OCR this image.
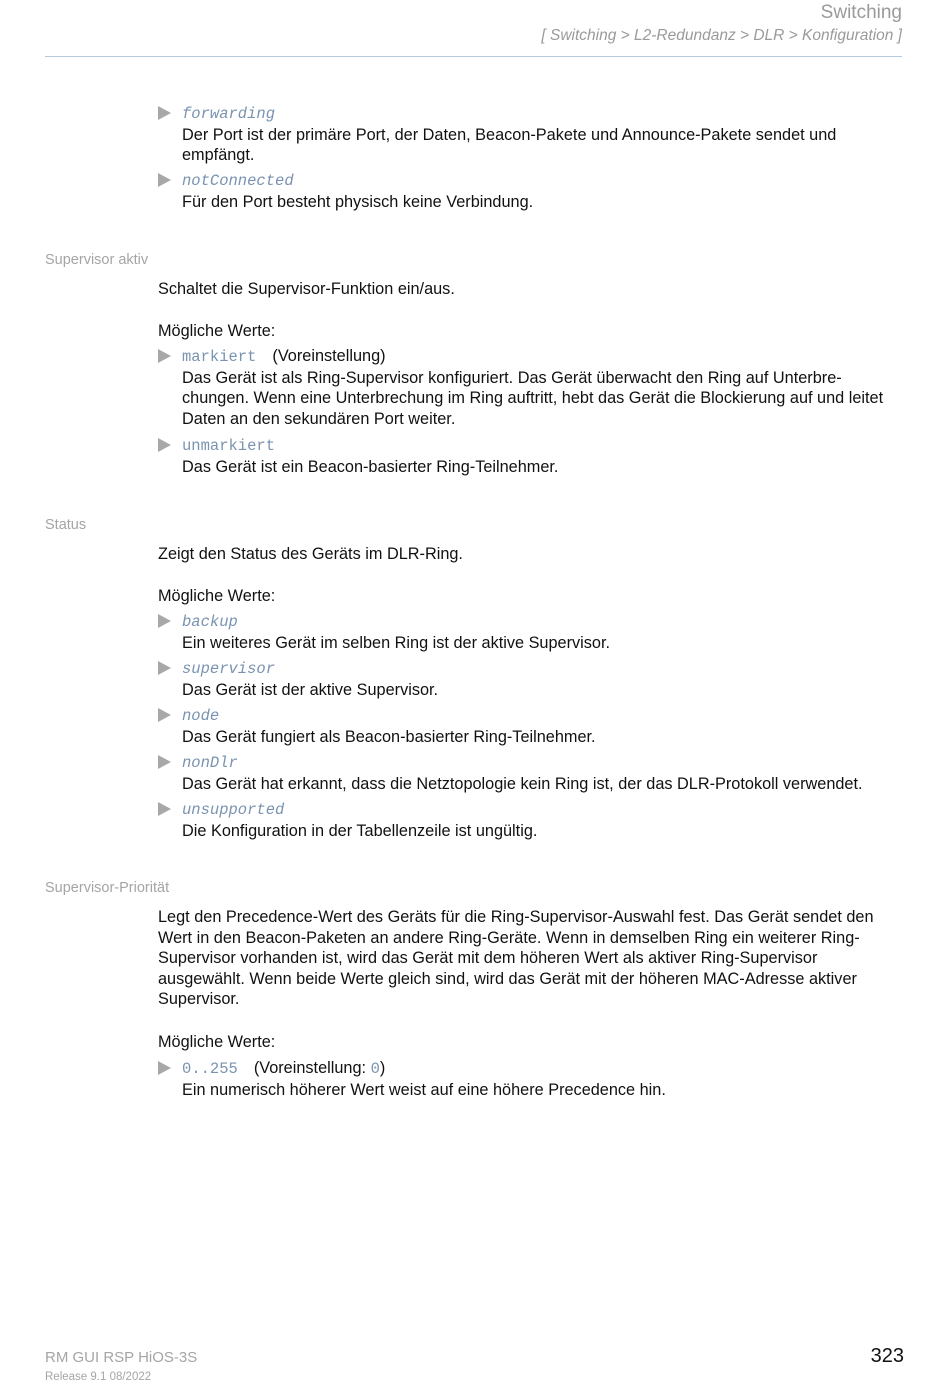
Switching
[ Switching > L2-Redundanz > DLR > Konfiguration ]
forwarding
Der Port ist der primäre Port, der Daten, Beacon-Pakete und Announce-Pakete sendet und empfängt.
notConnected
Für den Port besteht physisch keine Verbindung.
Supervisor aktiv
Schaltet die Supervisor-Funktion ein/aus.
Mögliche Werte:
markiert (Voreinstellung)
Das Gerät ist als Ring-Supervisor konfiguriert. Das Gerät überwacht den Ring auf Unterbre-chungen. Wenn eine Unterbrechung im Ring auftritt, hebt das Gerät die Blockierung auf und leitet Daten an den sekundären Port weiter.
unmarkiert
Das Gerät ist ein Beacon-basierter Ring-Teilnehmer.
Status
Zeigt den Status des Geräts im DLR-Ring.
Mögliche Werte:
backup
Ein weiteres Gerät im selben Ring ist der aktive Supervisor.
supervisor
Das Gerät ist der aktive Supervisor.
node
Das Gerät fungiert als Beacon-basierter Ring-Teilnehmer.
nonDlr
Das Gerät hat erkannt, dass die Netztopologie kein Ring ist, der das DLR-Protokoll verwendet.
unsupported
Die Konfiguration in der Tabellenzeile ist ungültig.
Supervisor-Priorität
Legt den Precedence-Wert des Geräts für die Ring-Supervisor-Auswahl fest. Das Gerät sendet den Wert in den Beacon-Paketen an andere Ring-Geräte. Wenn in demselben Ring ein weiterer Ring-Supervisor vorhanden ist, wird das Gerät mit dem höheren Wert als aktiver Ring-Supervisor ausgewählt. Wenn beide Werte gleich sind, wird das Gerät mit der höheren MAC-Adresse aktiver Supervisor.
Mögliche Werte:
0..255 (Voreinstellung: 0)
Ein numerisch höherer Wert weist auf eine höhere Precedence hin.
RM GUI RSP HiOS-3S
Release 9.1 08/2022
323
